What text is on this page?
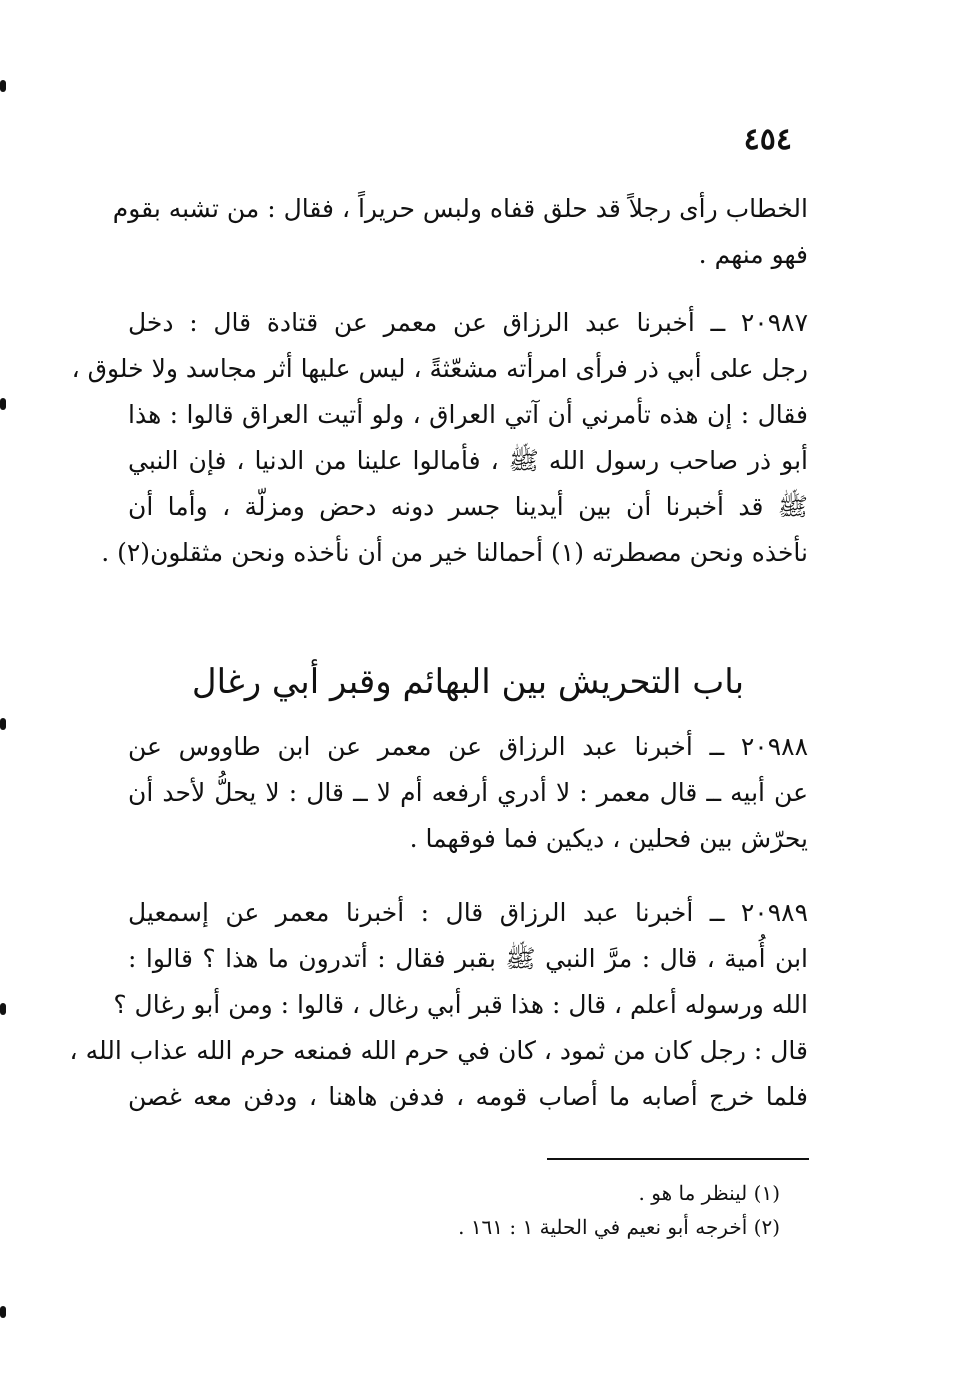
٤٥٤
الخطاب رأى رجلاً قد حلق قفاه ولبس حريراً ، فقال : من تشبه بقوم
فهو منهم .
٢٠٩٨٧ ــ أخبرنا عبد الرزاق عن معمر عن قتادة قال : دخل
رجل على أبي ذر فرأى امرأته مشعّثةً ، ليس عليها أثر مجاسد ولا خلوق ،
فقال : إن هذه تأمرني أن آتي العراق ، ولو أتيت العراق قالوا : هذا
أبو ذر صاحب رسول الله ﷺ ، فأمالوا علينا من الدنيا ، فإن النبي
ﷺ قد أخبرنا أن بين أيدينا جسر دونه دحض ومزلّة ، وأما أن
نأخذه ونحن مصطرته (١) أحمالنا خير من أن نأخذه ونحن مثقلون(٢) .
باب التحريش بين البهائم وقبر أبي رغال
٢٠٩٨٨ ــ أخبرنا عبد الرزاق عن معمر عن ابن طاووس عن
عن أبيه ــ قال معمر : لا أدري أرفعه أم لا ــ قال : لا يحلُّ لأحد أن
يحرّش بين فحلين ، ديكين فما فوقهما .
٢٠٩٨٩ ــ أخبرنا عبد الرزاق قال : أخبرنا معمر عن إسمعيل
ابن أُمية ، قال : مرَّ النبي ﷺ بقبر فقال : أتدرون ما هذا ؟ قالوا :
الله ورسوله أعلم ، قال : هذا قبر أبي رغال ، قالوا : ومن أبو رغال ؟
قال : رجل كان من ثمود ، كان في حرم الله فمنعه حرم الله عذاب الله ،
فلما خرج أصابه ما أصاب قومه ، فدفن هاهنا ، ودفن معه غصن
(١) لينظر ما هو .
(٢) أخرجه أبو نعيم في الحلية ١ : ١٦١ .
